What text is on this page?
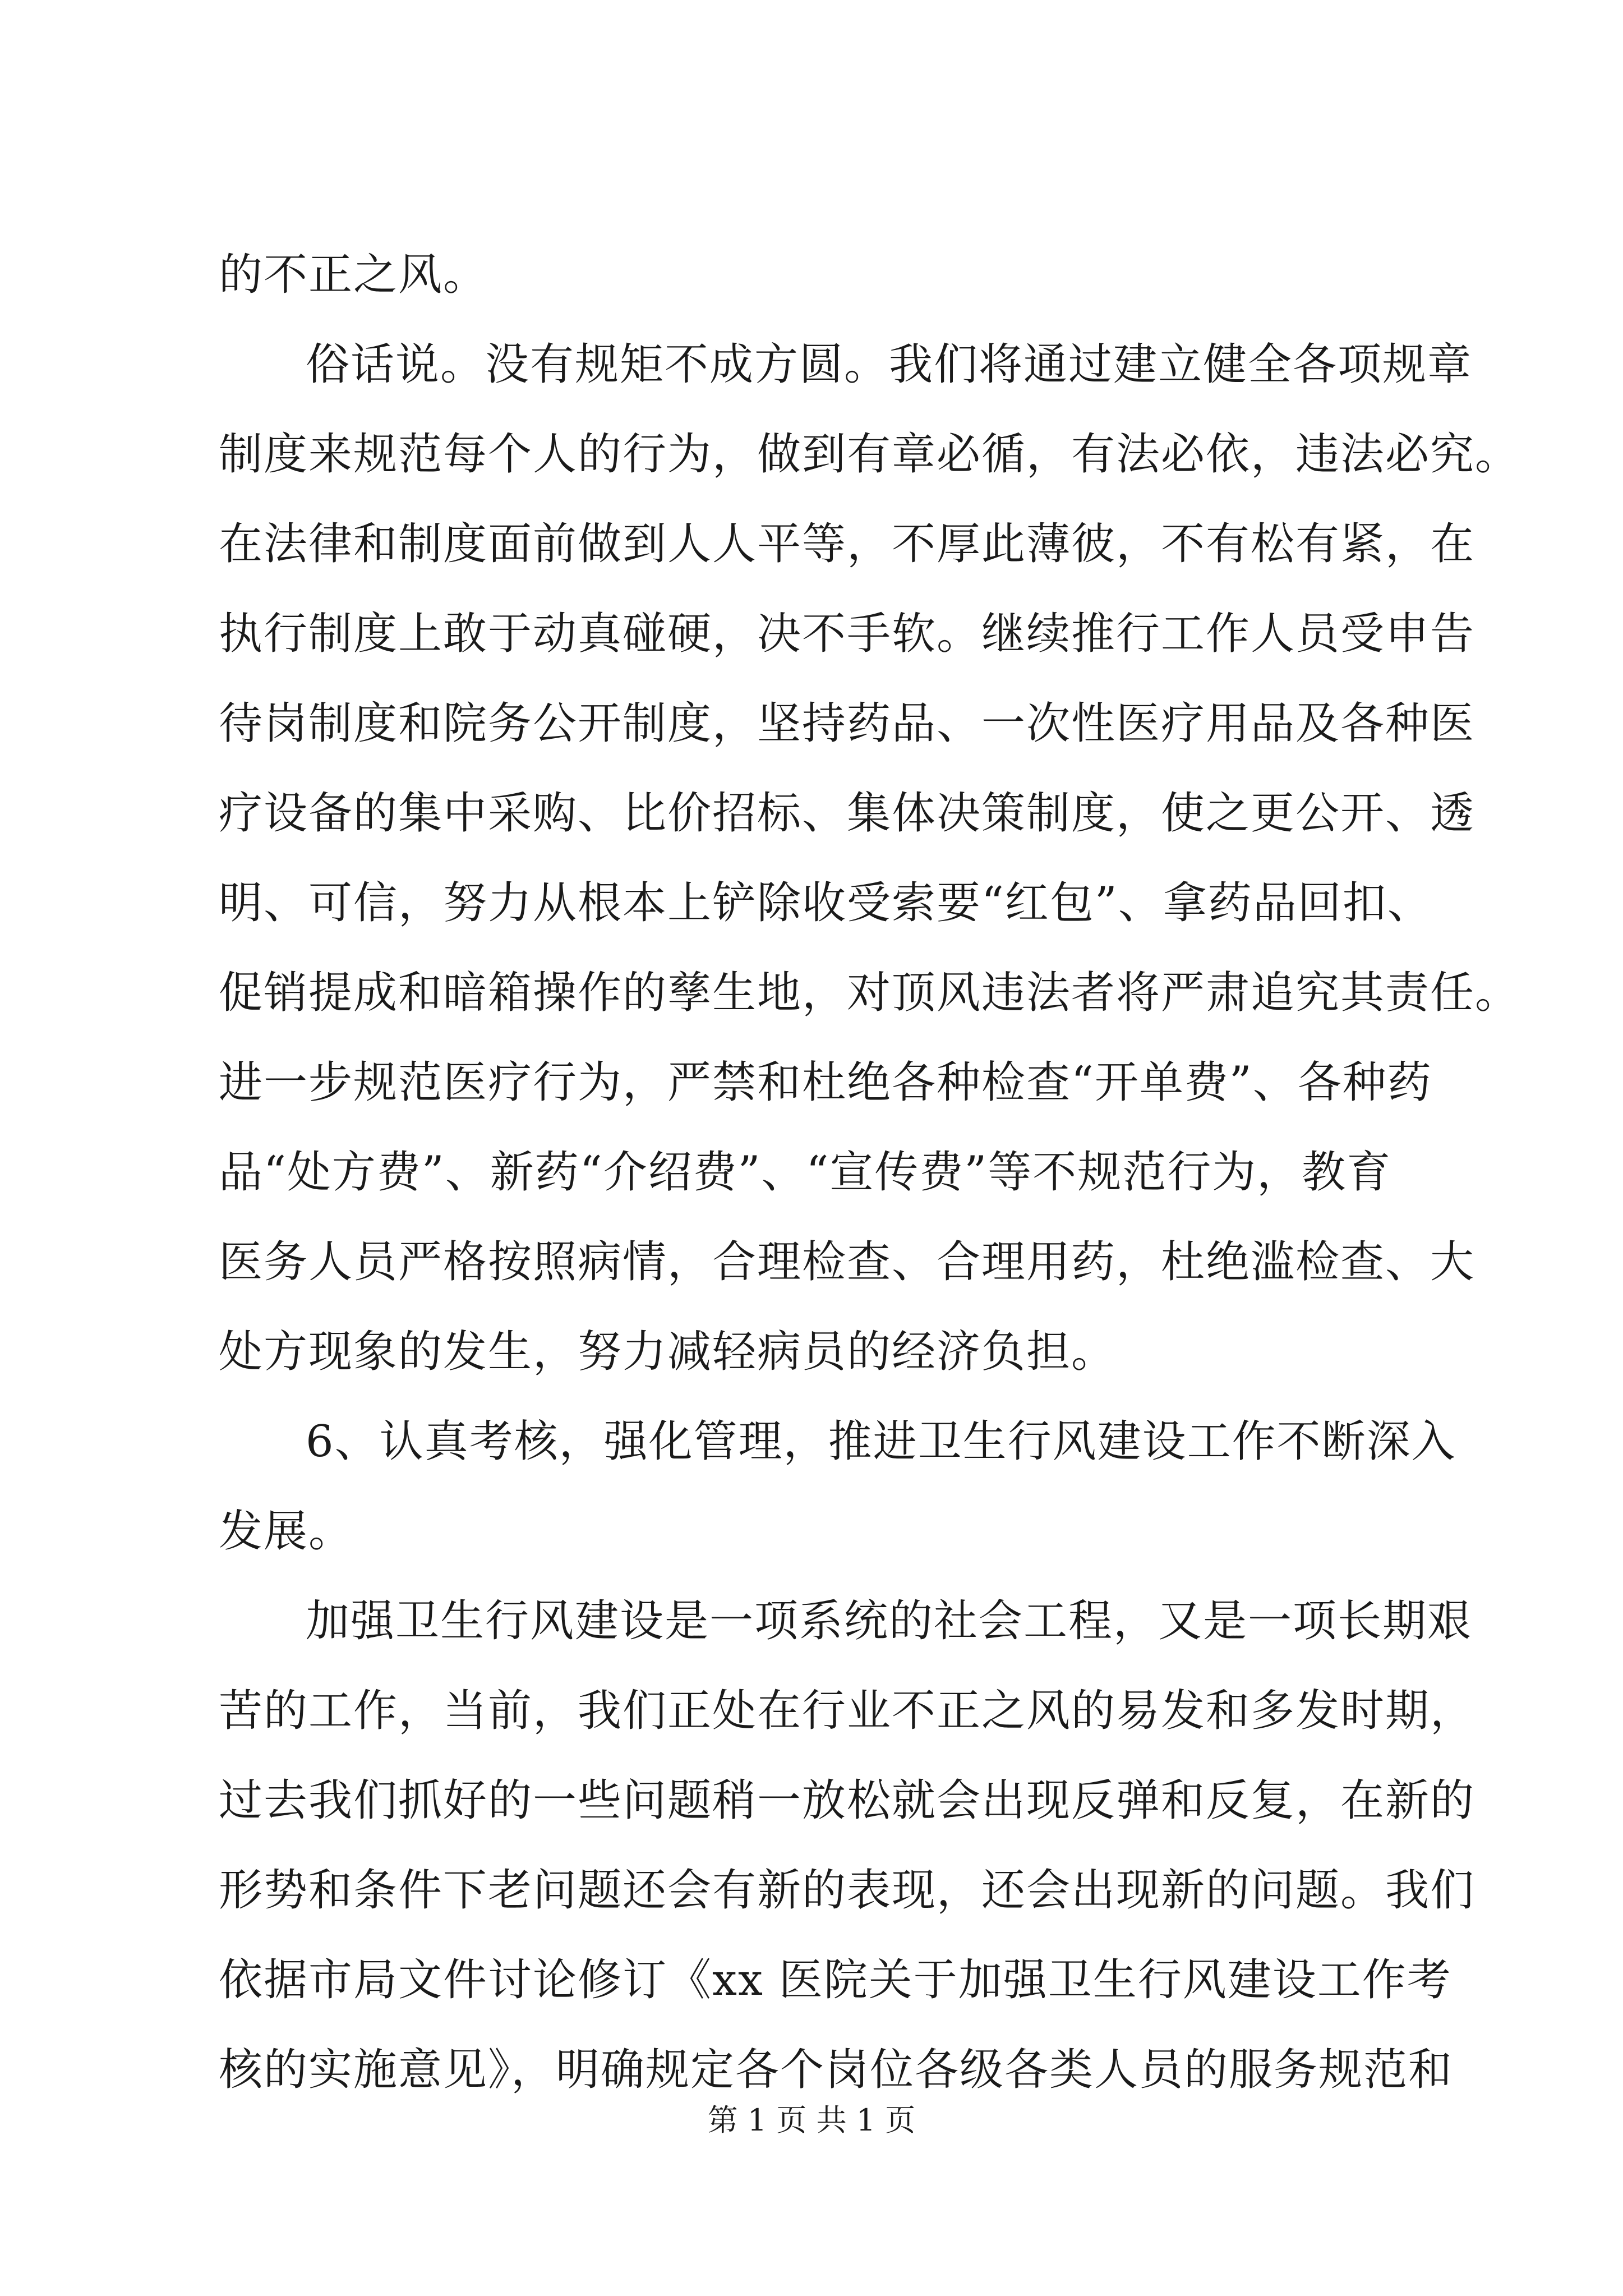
的不正之风。
俗话说。没有规矩不成方圆。我们将通过建立健全各项规章
制度来规范每个人的行为，做到有章必循，有法必依，违法必究。
在法律和制度面前做到人人平等，不厚此薄彼，不有松有紧，在
执行制度上敢于动真碰硬，决不手软。继续推行工作人员受申告
待岗制度和院务公开制度，坚持药品、一次性医疗用品及各种医
疗设备的集中采购、比价招标、集体决策制度，使之更公开、透
明、可信，努力从根本上铲除收受索要“红包”、拿药品回扣、
促销提成和暗箱操作的孳生地，对顶风违法者将严肃追究其责任。
进一步规范医疗行为，严禁和杜绝各种检查“开单费”、各种药
品“处方费”、新药“介绍费”、“宣传费”等不规范行为，教育
医务人员严格按照病情，合理检查、合理用药，杜绝滥检查、大
处方现象的发生，努力减轻病员的经济负担。
6、认真考核，强化管理，推进卫生行风建设工作不断深入
发展。
加强卫生行风建设是一项系统的社会工程，又是一项长期艰
苦的工作，当前，我们正处在行业不正之风的易发和多发时期，
过去我们抓好的一些问题稍一放松就会出现反弹和反复，在新的
形势和条件下老问题还会有新的表现，还会出现新的问题。我们
依据市局文件讨论修订《xx 医院关于加强卫生行风建设工作考
核的实施意见》，明确规定各个岗位各级各类人员的服务规范和
第 1 页 共 1 页
